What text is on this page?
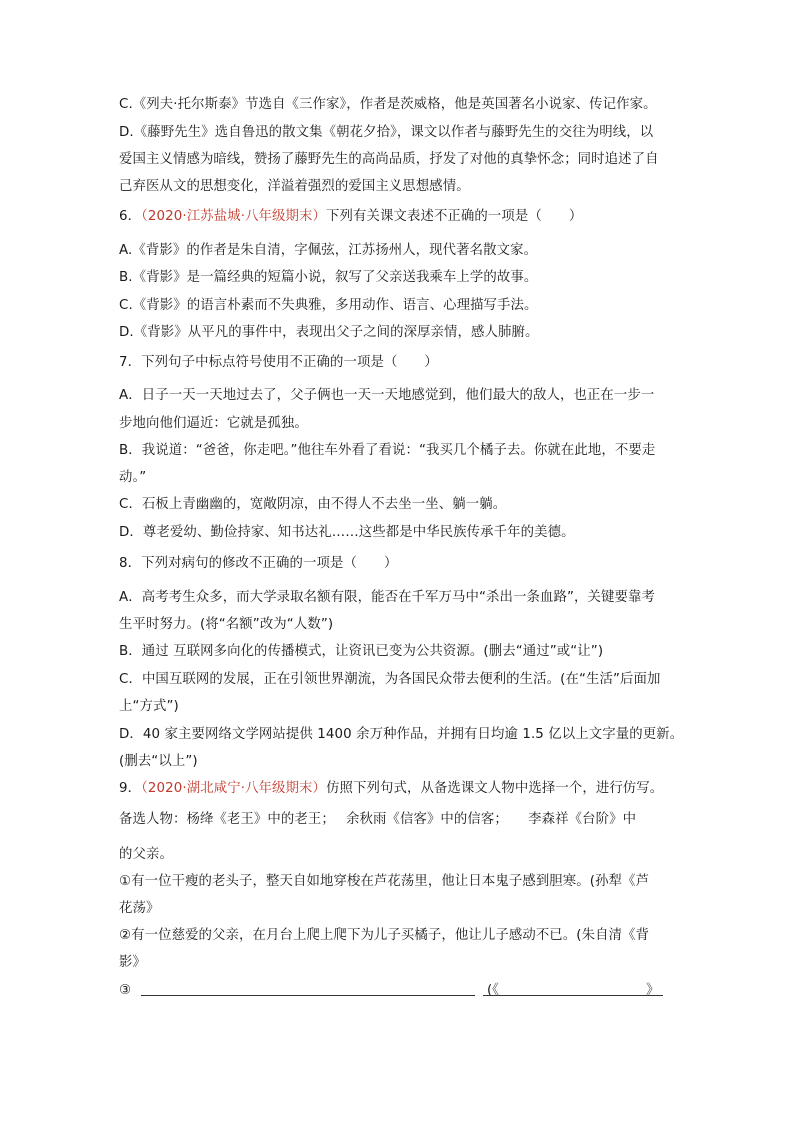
C.《列夫·托尔斯泰》节选自《三作家》，作者是茨威格，他是英国著名小说家、传记作家。
D.《藤野先生》选自鲁迅的散文集《朝花夕拾》，课文以作者与藤野先生的交往为明线，以
爱国主义情感为暗线，赞扬了藤野先生的高尚品质，抒发了对他的真挚怀念；同时追述了自
己弃医从文的思想变化，洋溢着强烈的爱国主义思想感情。
6．（2020·江苏盐城·八年级期末）下列有关课文表述不正确的一项是（　　）
A.《背影》的作者是朱自清，字佩弦，江苏扬州人，现代著名散文家。
B.《背影》是一篇经典的短篇小说，叙写了父亲送我乘车上学的故事。
C.《背影》的语言朴素而不失典雅，多用动作、语言、心理描写手法。
D.《背影》从平凡的事件中，表现出父子之间的深厚亲情，感人肺腑。
7．下列句子中标点符号使用不正确的一项是（　　）
A．日子一天一天地过去了，父子俩也一天一天地感觉到，他们最大的敌人，也正在一步一
步地向他们逼近：它就是孤独。
B．我说道：“爸爸，你走吧。”他往车外看了看说：“我买几个橘子去。你就在此地，不要走
动。”
C．石板上青幽幽的，宽敞阴凉，由不得人不去坐一坐、躺一躺。
D．尊老爱幼、勤俭持家、知书达礼……这些都是中华民族传承千年的美德。
8．下列对病句的修改不正确的一项是（　　）
A．高考考生众多，而大学录取名额有限，能否在千军万马中“杀出一条血路”，关键要靠考
生平时努力。(将“名额”改为“人数”)
B．通过 互联网多向化的传播模式，让资讯已变为公共资源。(删去“通过”或“让”)
C．中国互联网的发展，正在引领世界潮流，为各国民众带去便利的生活。(在“生活”后面加
上“方式”)
D．40 家主要网络文学网站提供 1400 余万种作品，并拥有日均逾 1.5 亿以上文字量的更新。
(删去“以上”)
9．（2020·湖北咸宁·八年级期末）仿照下列句式，从备选课文人物中选择一个，进行仿写。
备选人物：杨绛《老王》中的老王；　 余秋雨《信客》中的信客；　　李森祥《台阶》中
的父亲。
①有一位干瘦的老头子，整天自如地穿梭在芦花荡里，他让日本鬼子感到胆寒。(孙犁《芦
花荡》
②有一位慈爱的父亲，在月台上爬上爬下为儿子买橘子，他让儿子感动不已。(朱自清《背
影》
③	(《	》
